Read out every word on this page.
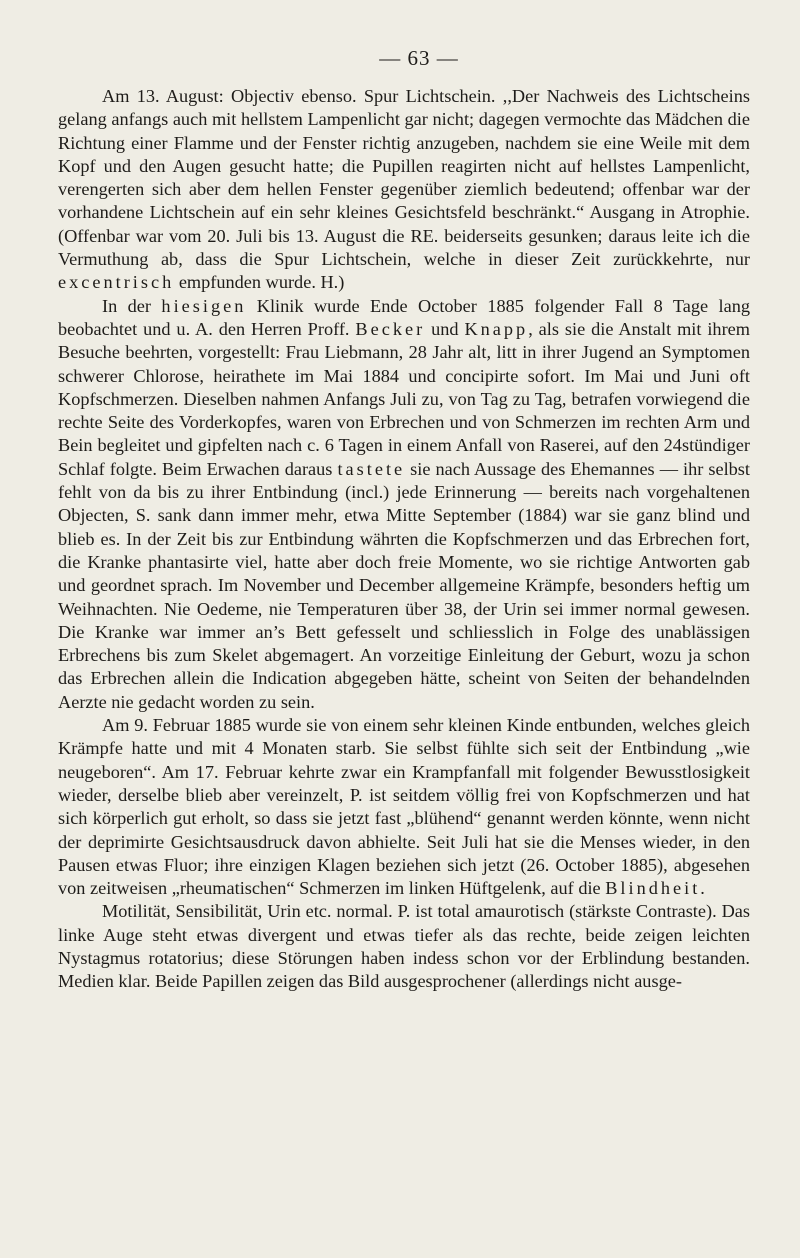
— 63 —

Am 13. August: Objectiv ebenso. Spur Lichtschein. ,,Der Nachweis des Lichtscheins gelang anfangs auch mit hellstem Lampenlicht gar nicht; dagegen vermochte das Mädchen die Richtung einer Flamme und der Fenster richtig anzugeben, nachdem sie eine Weile mit dem Kopf und den Augen gesucht hatte; die Pupillen reagirten nicht auf hellstes Lampenlicht, verengerten sich aber dem hellen Fenster gegenüber ziemlich bedeutend; offenbar war der vorhandene Lichtschein auf ein sehr kleines Gesichtsfeld beschränkt.“ Ausgang in Atrophie. (Offenbar war vom 20. Juli bis 13. August die RE. beiderseits gesunken; daraus leite ich die Vermuthung ab, dass die Spur Lichtschein, welche in dieser Zeit zurückkehrte, nur excentrisch empfunden wurde. H.)

In der hiesigen Klinik wurde Ende October 1885 folgender Fall 8 Tage lang beobachtet und u. A. den Herren Proff. Becker und Knapp, als sie die Anstalt mit ihrem Besuche beehrten, vorgestellt: Frau Liebmann, 28 Jahr alt, litt in ihrer Jugend an Symptomen schwerer Chlorose, heirathete im Mai 1884 und concipirte sofort. Im Mai und Juni oft Kopfschmerzen. Dieselben nahmen Anfangs Juli zu, von Tag zu Tag, betrafen vorwiegend die rechte Seite des Vorderkopfes, waren von Erbrechen und von Schmerzen im rechten Arm und Bein begleitet und gipfelten nach c. 6 Tagen in einem Anfall von Raserei, auf den 24stündiger Schlaf folgte. Beim Erwachen daraus tastete sie nach Aussage des Ehemannes — ihr selbst fehlt von da bis zu ihrer Entbindung (incl.) jede Erinnerung — bereits nach vorgehaltenen Objecten, S. sank dann immer mehr, etwa Mitte September (1884) war sie ganz blind und blieb es. In der Zeit bis zur Entbindung währten die Kopfschmerzen und das Erbrechen fort, die Kranke phantasirte viel, hatte aber doch freie Momente, wo sie richtige Antworten gab und geordnet sprach. Im November und December allgemeine Krämpfe, besonders heftig um Weihnachten. Nie Oedeme, nie Temperaturen über 38, der Urin sei immer normal gewesen. Die Kranke war immer an’s Bett gefesselt und schliesslich in Folge des unablässigen Erbrechens bis zum Skelet abgemagert. An vorzeitige Einleitung der Geburt, wozu ja schon das Erbrechen allein die Indication abgegeben hätte, scheint von Seiten der behandelnden Aerzte nie gedacht worden zu sein.

Am 9. Februar 1885 wurde sie von einem sehr kleinen Kinde entbunden, welches gleich Krämpfe hatte und mit 4 Monaten starb. Sie selbst fühlte sich seit der Entbindung „wie neugeboren“. Am 17. Februar kehrte zwar ein Krampfanfall mit folgender Bewusstlosigkeit wieder, derselbe blieb aber vereinzelt, P. ist seitdem völlig frei von Kopfschmerzen und hat sich körperlich gut erholt, so dass sie jetzt fast „blühend“ genannt werden könnte, wenn nicht der deprimirte Gesichtsausdruck davon abhielte. Seit Juli hat sie die Menses wieder, in den Pausen etwas Fluor; ihre einzigen Klagen beziehen sich jetzt (26. October 1885), abgesehen von zeitweisen „rheumatischen“ Schmerzen im linken Hüftgelenk, auf die Blindheit.

Motilität, Sensibilität, Urin etc. normal. P. ist total amaurotisch (stärkste Contraste). Das linke Auge steht etwas divergent und etwas tiefer als das rechte, beide zeigen leichten Nystagmus rotatorius; diese Störungen haben indess schon vor der Erblindung bestanden. Medien klar. Beide Papillen zeigen das Bild ausgesprochener (allerdings nicht ausge-
